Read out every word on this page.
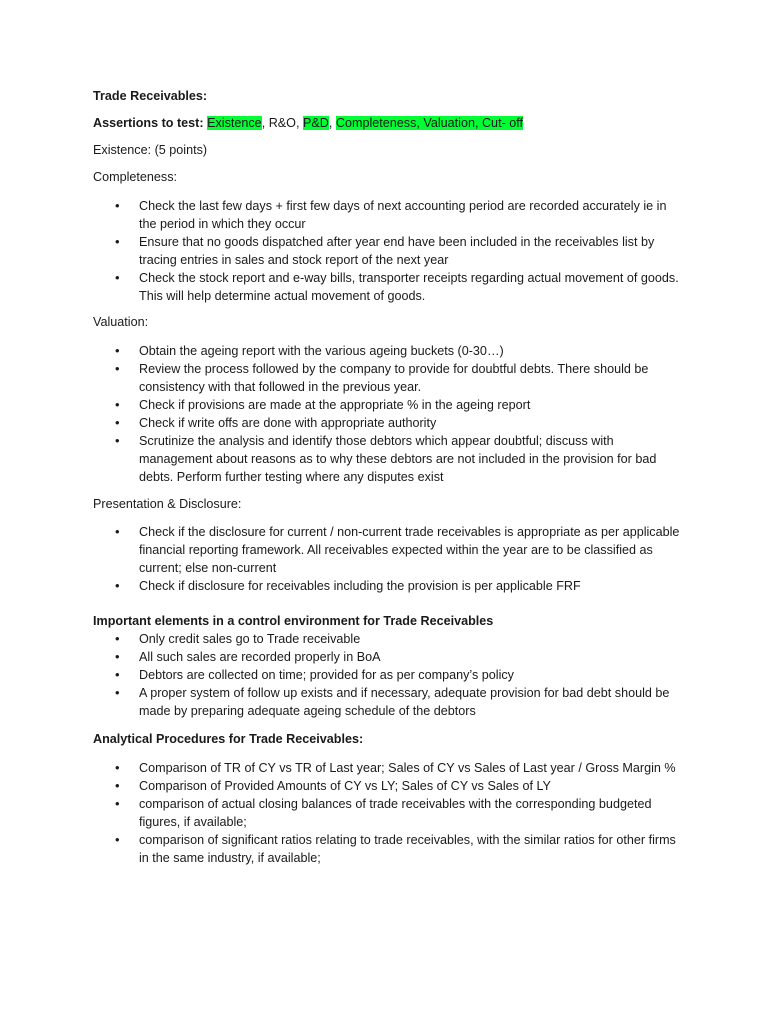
Trade Receivables:
Assertions to test: Existence, R&O, P&D, Completeness, Valuation, Cut- off
Existence: (5 points)
Completeness:
• Check the last few days + first few days of next accounting period are recorded accurately ie in the period in which they occur
• Ensure that no goods dispatched after year end have been included in the receivables list by tracing entries in sales and stock report of the next year
• Check the stock report and e-way bills, transporter receipts regarding actual movement of goods. This will help determine actual movement of goods.
Valuation:
• Obtain the ageing report with the various ageing buckets (0-30…)
• Review the process followed by the company to provide for doubtful debts. There should be consistency with that followed in the previous year.
• Check if provisions are made at the appropriate % in the ageing report
• Check if write offs are done with appropriate authority
• Scrutinize the analysis and identify those debtors which appear doubtful; discuss with management about reasons as to why these debtors are not included in the provision for bad debts. Perform further testing where any disputes exist
Presentation & Disclosure:
• Check if the disclosure for current / non-current trade receivables is appropriate as per applicable financial reporting framework. All receivables expected within the year are to be classified as current; else non-current
• Check if disclosure for receivables including the provision is per applicable FRF
Important elements in a control environment for Trade Receivables
• Only credit sales go to Trade receivable
• All such sales are recorded properly in BoA
• Debtors are collected on time; provided for as per company’s policy
• A proper system of follow up exists and if necessary, adequate provision for bad debt should be made by preparing adequate ageing schedule of the debtors
Analytical Procedures for Trade Receivables:
• Comparison of TR of CY vs TR of Last year; Sales of CY vs Sales of Last year / Gross Margin %
• Comparison of Provided Amounts of CY vs LY; Sales of CY vs Sales of LY
• comparison of actual closing balances of trade receivables with the corresponding budgeted figures, if available;
• comparison of significant ratios relating to trade receivables, with the similar ratios for other firms in the same industry, if available;
